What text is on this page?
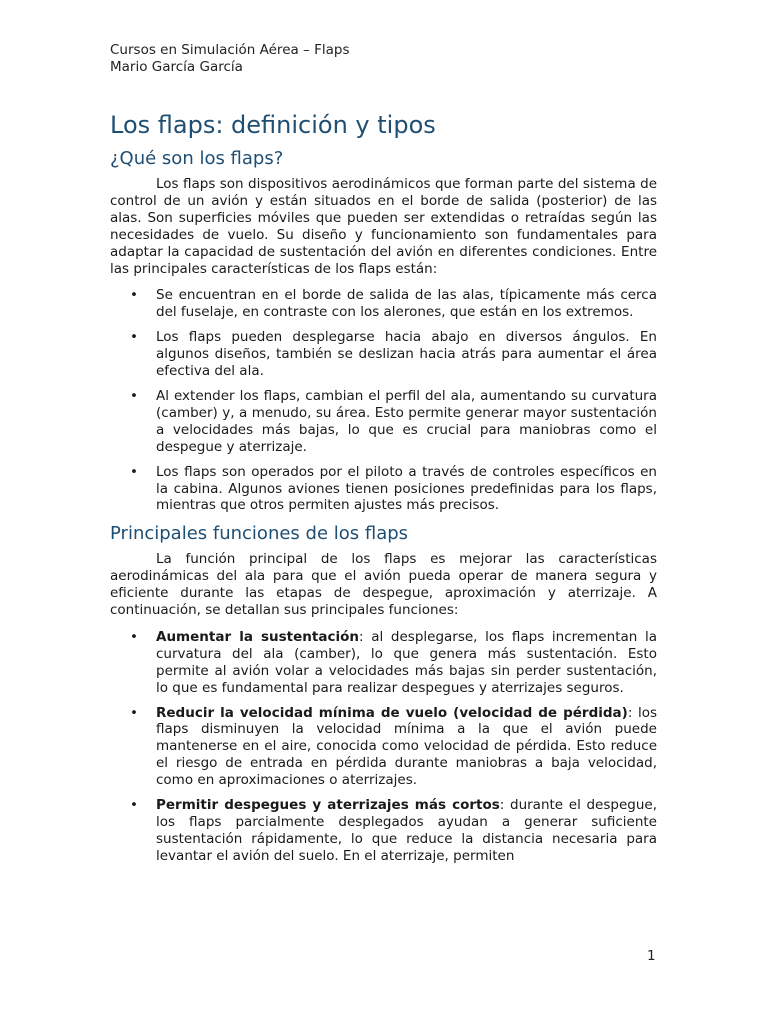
Cursos en Simulación Aérea – Flaps
Mario García García
Los flaps: definición y tipos
¿Qué son los flaps?

Los flaps son dispositivos aerodinámicos que forman parte del sistema de control de un avión y están situados en el borde de salida (posterior) de las alas. Son superficies móviles que pueden ser extendidas o retraídas según las necesidades de vuelo. Su diseño y funcionamiento son fundamentales para adaptar la capacidad de sustentación del avión en diferentes condiciones. Entre las principales características de los flaps están:

• Se encuentran en el borde de salida de las alas, típicamente más cerca del fuselaje, en contraste con los alerones, que están en los extremos.
• Los flaps pueden desplegarse hacia abajo en diversos ángulos. En algunos diseños, también se deslizan hacia atrás para aumentar el área efectiva del ala.
• Al extender los flaps, cambian el perfil del ala, aumentando su curvatura (camber) y, a menudo, su área. Esto permite generar mayor sustentación a velocidades más bajas, lo que es crucial para maniobras como el despegue y aterrizaje.
• Los flaps son operados por el piloto a través de controles específicos en la cabina. Algunos aviones tienen posiciones predefinidas para los flaps, mientras que otros permiten ajustes más precisos.
Principales funciones de los flaps

La función principal de los flaps es mejorar las características aerodinámicas del ala para que el avión pueda operar de manera segura y eficiente durante las etapas de despegue, aproximación y aterrizaje. A continuación, se detallan sus principales funciones:

• Aumentar la sustentación: al desplegarse, los flaps incrementan la curvatura del ala (camber), lo que genera más sustentación. Esto permite al avión volar a velocidades más bajas sin perder sustentación, lo que es fundamental para realizar despegues y aterrizajes seguros.
• Reducir la velocidad mínima de vuelo (velocidad de pérdida): los flaps disminuyen la velocidad mínima a la que el avión puede mantenerse en el aire, conocida como velocidad de pérdida. Esto reduce el riesgo de entrada en pérdida durante maniobras a baja velocidad, como en aproximaciones o aterrizajes.
• Permitir despegues y aterrizajes más cortos: durante el despegue, los flaps parcialmente desplegados ayudan a generar suficiente sustentación rápidamente, lo que reduce la distancia necesaria para levantar el avión del suelo. En el aterrizaje, permiten
1
